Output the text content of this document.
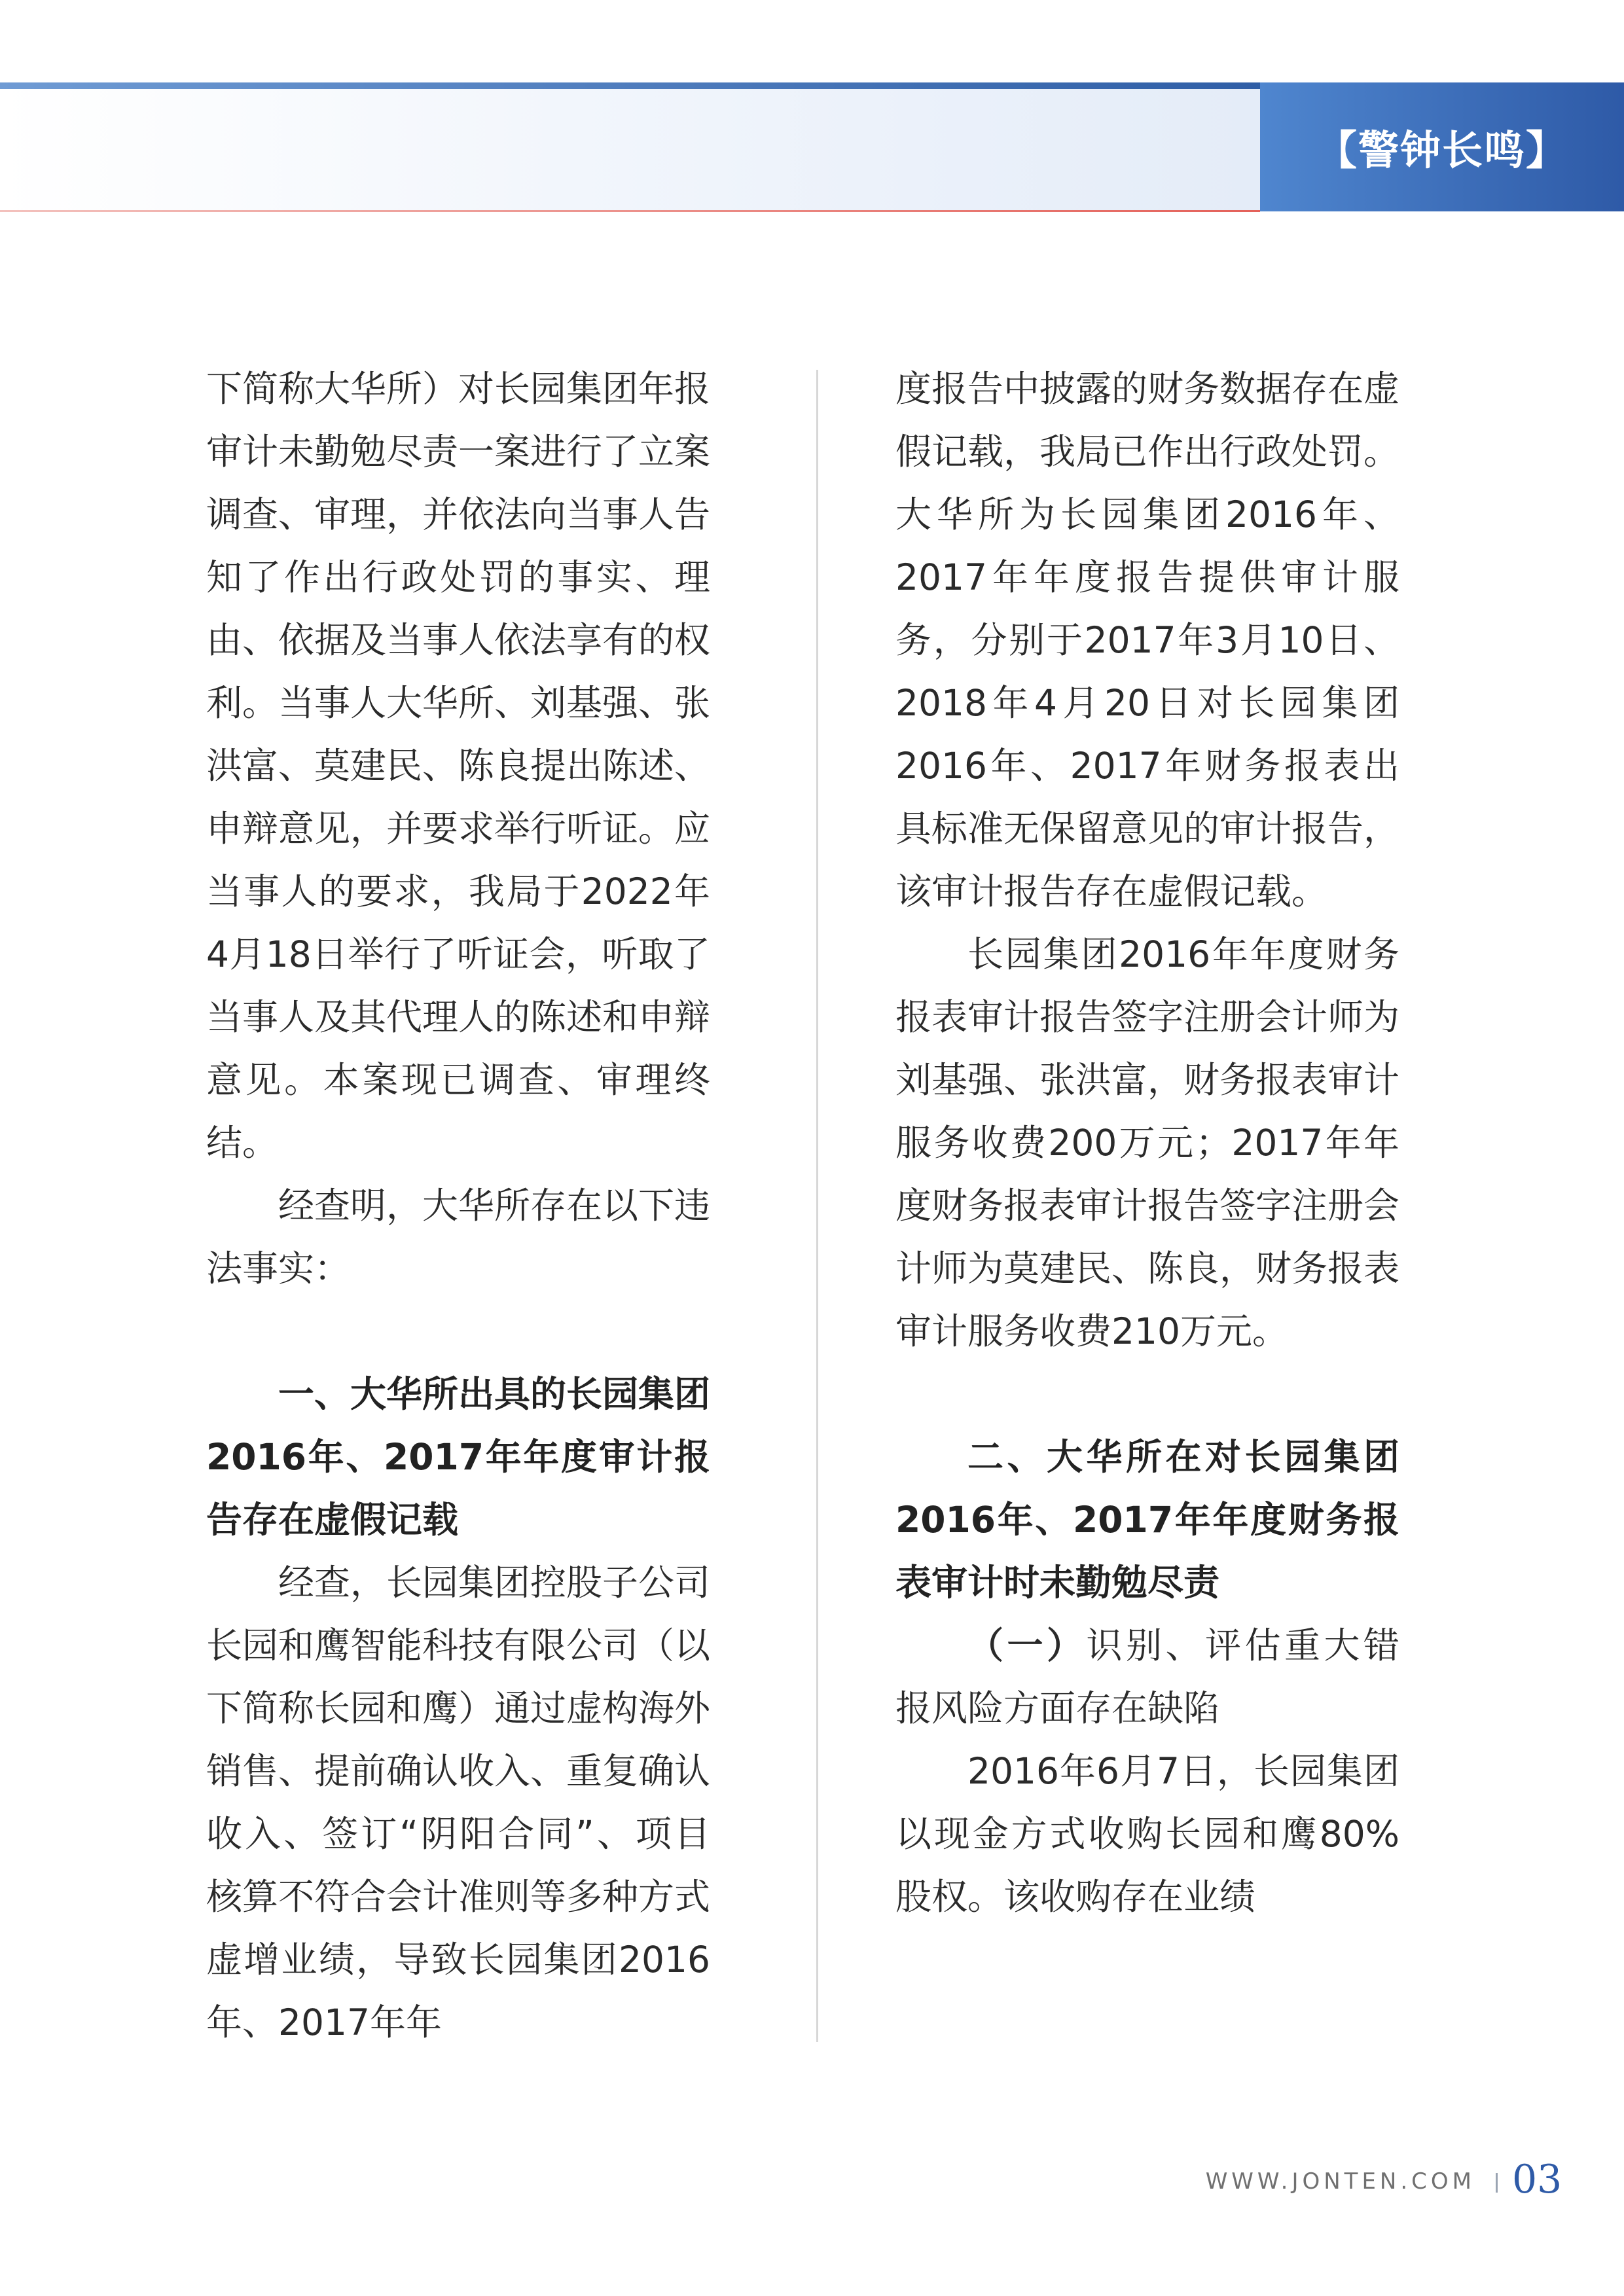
【警钟长鸣】

下简称大华所）对长园集团年报审计未勤勉尽责一案进行了立案调查、审理，并依法向当事人告知了作出行政处罚的事实、理由、依据及当事人依法享有的权利。当事人大华所、刘基强、张洪富、莫建民、陈良提出陈述、申辩意见，并要求举行听证。应当事人的要求，我局于2022年4月18日举行了听证会，听取了当事人及其代理人的陈述和申辩意见。本案现已调查、审理终结。

经查明，大华所存在以下违法事实：

一、大华所出具的长园集团2016年、2017年年度审计报告存在虚假记载

经查，长园集团控股子公司长园和鹰智能科技有限公司（以下简称长园和鹰）通过虚构海外销售、提前确认收入、重复确认收入、签订“阴阳合同”、项目核算不符合会计准则等多种方式虚增业绩，导致长园集团2016年、2017年年

度报告中披露的财务数据存在虚假记载，我局已作出行政处罚。大华所为长园集团2016年、2017年年度报告提供审计服务，分别于2017年3月10日、2018年4月20日对长园集团2016年、2017年财务报表出具标准无保留意见的审计报告，该审计报告存在虚假记载。

长园集团2016年年度财务报表审计报告签字注册会计师为刘基强、张洪富，财务报表审计服务收费200万元；2017年年度财务报表审计报告签字注册会计师为莫建民、陈良，财务报表审计服务收费210万元。

二、大华所在对长园集团2016年、2017年年度财务报表审计时未勤勉尽责

（一）识别、评估重大错报风险方面存在缺陷

2016年6月7日，长园集团以现金方式收购长园和鹰80%股权。该收购存在业绩

WWW.JONTEN.COM 03
